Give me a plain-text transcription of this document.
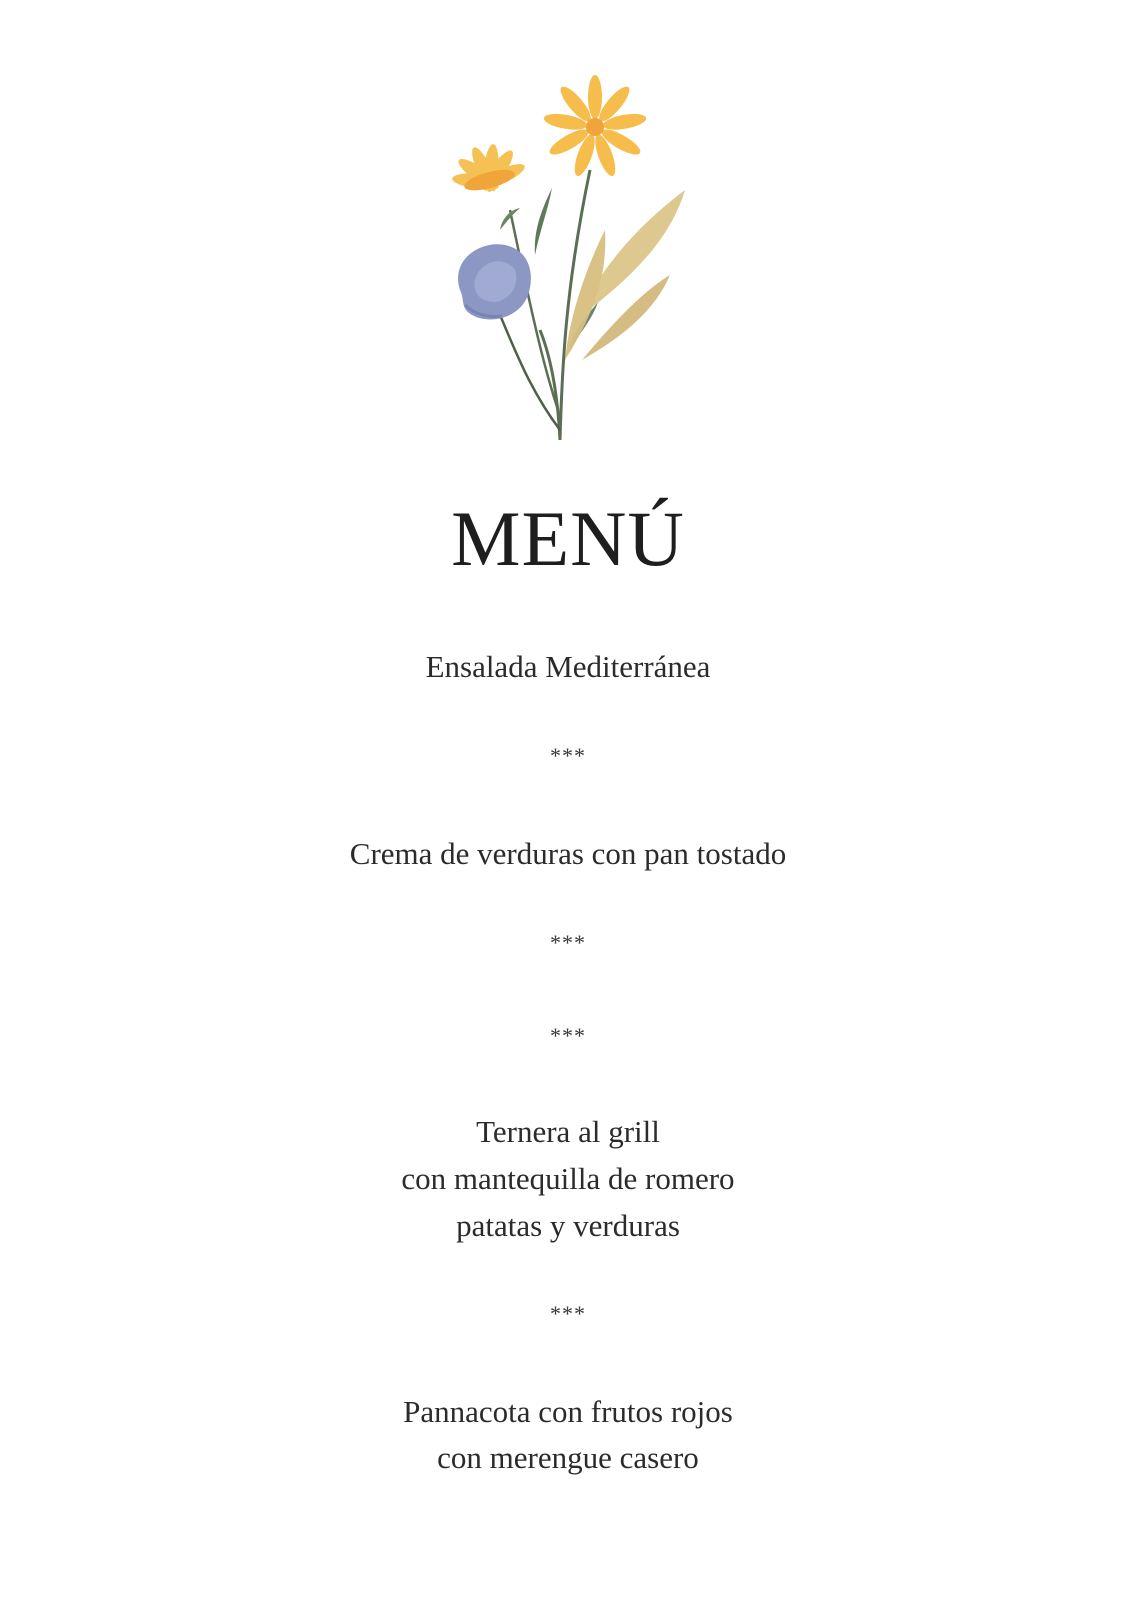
MENÚ
Ensalada Mediterránea
***
Crema de verduras con pan tostado
***
***
Ternera al grill
con mantequilla de romero
patatas y verduras
***
Pannacota con frutos rojos
con merengue casero
